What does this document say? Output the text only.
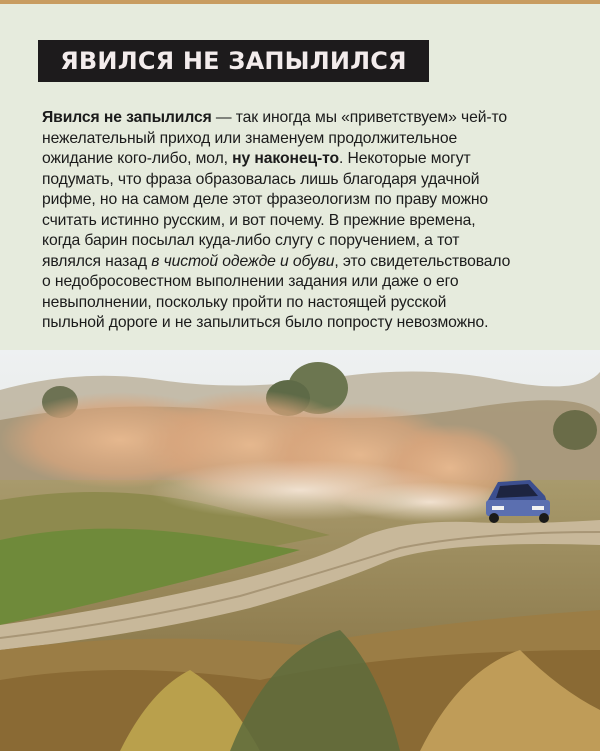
ЯВИЛСЯ НЕ ЗАПЫЛИЛСЯ
Явился не запылился — так иногда мы «приветствуем» чей-то
нежелательный приход или знаменуем продолжительное
ожидание кого-либо, мол, ну наконец-то. Некоторые могут
подумать, что фраза образовалась лишь благодаря удачной
рифме, но на самом деле этот фразеологизм по праву можно
считать истинно русским, и вот почему. В прежние времена,
когда барин посылал куда-либо слугу с поручением, а тот
являлся назад в чистой одежде и обуви, это свидетельствовало
о недобросовестном выполнении задания или даже о его
невыполнении, поскольку пройти по настоящей русской
пыльной дороге и не запылиться было попросту невозможно.
